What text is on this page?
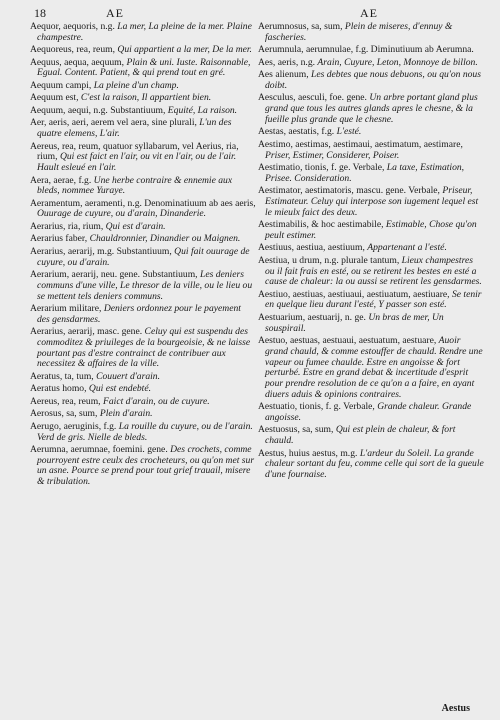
18	AE	AE

Aequor, aequoris, n.g. La mer, La pleine de la mer. Plaine champestre.

Aequoreus, rea, reum, Qui appartient a la mer, De la mer.

Aequus, aequa, aequum, Plain & uni. Iuste. Raisonnable, Egual. Content. Patient, & qui prend tout en gré.

Aequum campi, La pleine d'un champ.

Aequum est, C'est la raison, Il appartient bien.

Aequum, aequi, n.g. Substantiuum, Equité, La raison.

Aer, aeris, aeri, aerem vel aera, sine plurali, L'un des quatre elemens, L'air.

Aereus, rea, reum, quatuor syllabarum, vel Aerius, ria, rium, Qui est faict en l'air, ou vit en l'air, ou de l'air. Hault esleué en l'air.

Aera, aerae, f.g. Une herbe contraire & ennemie aux bleds, nommee Yuraye.

Aeramentum, aeramenti, n.g. Denominatiuum ab aes aeris, Ouurage de cuyure, ou d'arain, Dinanderie.

Aerarius, ria, rium, Qui est d'arain.

Aerarius faber, Chauldronnier, Dinandier ou Maignen.

Aerarius, aerarij, m.g. Substantiuum, Qui fait ouurage de cuyure, ou d'arain.

Aerarium, aerarij, neu. gene. Substantiuum, Les deniers communs d'une ville, Le thresor de la ville, ou le lieu ou se mettent tels deniers communs.

Aerarium militare, Deniers ordonnez pour le payement des gensdarmes.

Aerarius, aerarij, masc. gene. Celuy qui est suspendu des commoditez & priuileges de la bourgeoisie, & ne laisse pourtant pas d'estre contrainct de contribuer aux necessitez & affaires de la ville.

Aeratus, ta, tum, Couuert d'arain.

Aeratus homo, Qui est endebté.

Aereus, rea, reum, Faict d'arain, ou de cuyure.

Aerosus, sa, sum, Plein d'arain.

Aerugo, aeruginis, f.g. La rouille du cuyure, ou de l'arain. Verd de gris. Nielle de bleds.

Aerumna, aerumnae, foemini. gene. Des crochets, comme pourroyent estre ceulx des crocheteurs, ou qu'on met sur un asne. Pource se prend pour tout grief trauail, misere & tribulation.

Aerumnosus, sa, sum, Plein de miseres, d'ennuy & fascheries.

Aerumnula, aerumnulae, f.g. Diminutiuum ab Aerumna.

Aes, aeris, n.g. Arain, Cuyure, Leton, Monnoye de billon.

Aes alienum, Les debtes que nous debuons, ou qu'on nous doibt.

Aesculus, aesculi, foe. gene. Un arbre portant gland plus grand que tous les autres glands apres le chesne, & la fueille plus grande que le chesne.

Aestas, aestatis, f.g. L'esté.

Aestimo, aestimas, aestimaui, aestimatum, aestimare, Priser, Estimer, Considerer, Poiser.

Aestimatio, tionis, f. ge. Verbale, La taxe, Estimation, Prisee. Consideration.

Aestimator, aestimatoris, mascu. gene. Verbale, Priseur, Estimateur. Celuy qui interpose son iugement lequel est le mieulx faict des deux.

Aestimabilis, & hoc aestimabile, Estimable, Chose qu'on peult estimer.

Aestiuus, aestiua, aestiuum, Appartenant a l'esté.

Aestiua, u drum, n.g. plurale tantum, Lieux champestres ou il fait frais en esté, ou se retirent les bestes en esté a cause de chaleur: la ou aussi se retirent les gensdarmes.

Aestiuo, aestiuas, aestiuaui, aestiuatum, aestiuare, Se tenir en quelque lieu durant l'esté, Y passer son esté.

Aestuarium, aestuarij, n. ge. Un bras de mer, Un souspirail.

Aestuo, aestuas, aestuaui, aestuatum, aestuare, Auoir grand chauld, & comme estouffer de chauld. Rendre une vapeur ou fumee chaulde. Estre en angoisse & fort perturbé. Estre en grand debat & incertitude d'esprit pour prendre resolution de ce qu'on a a faire, en ayant diuers aduis & opinions contraires.

Aestuatio, tionis, f. g. Verbale, Grande chaleur. Grande angoisse.

Aestuosus, sa, sum, Qui est plein de chaleur, & fort chauld.

Aestus, huius aestus, m.g. L'ardeur du Soleil. La grande chaleur sortant du feu, comme celle qui sort de la gueule d'une fournaise.

Aestus
